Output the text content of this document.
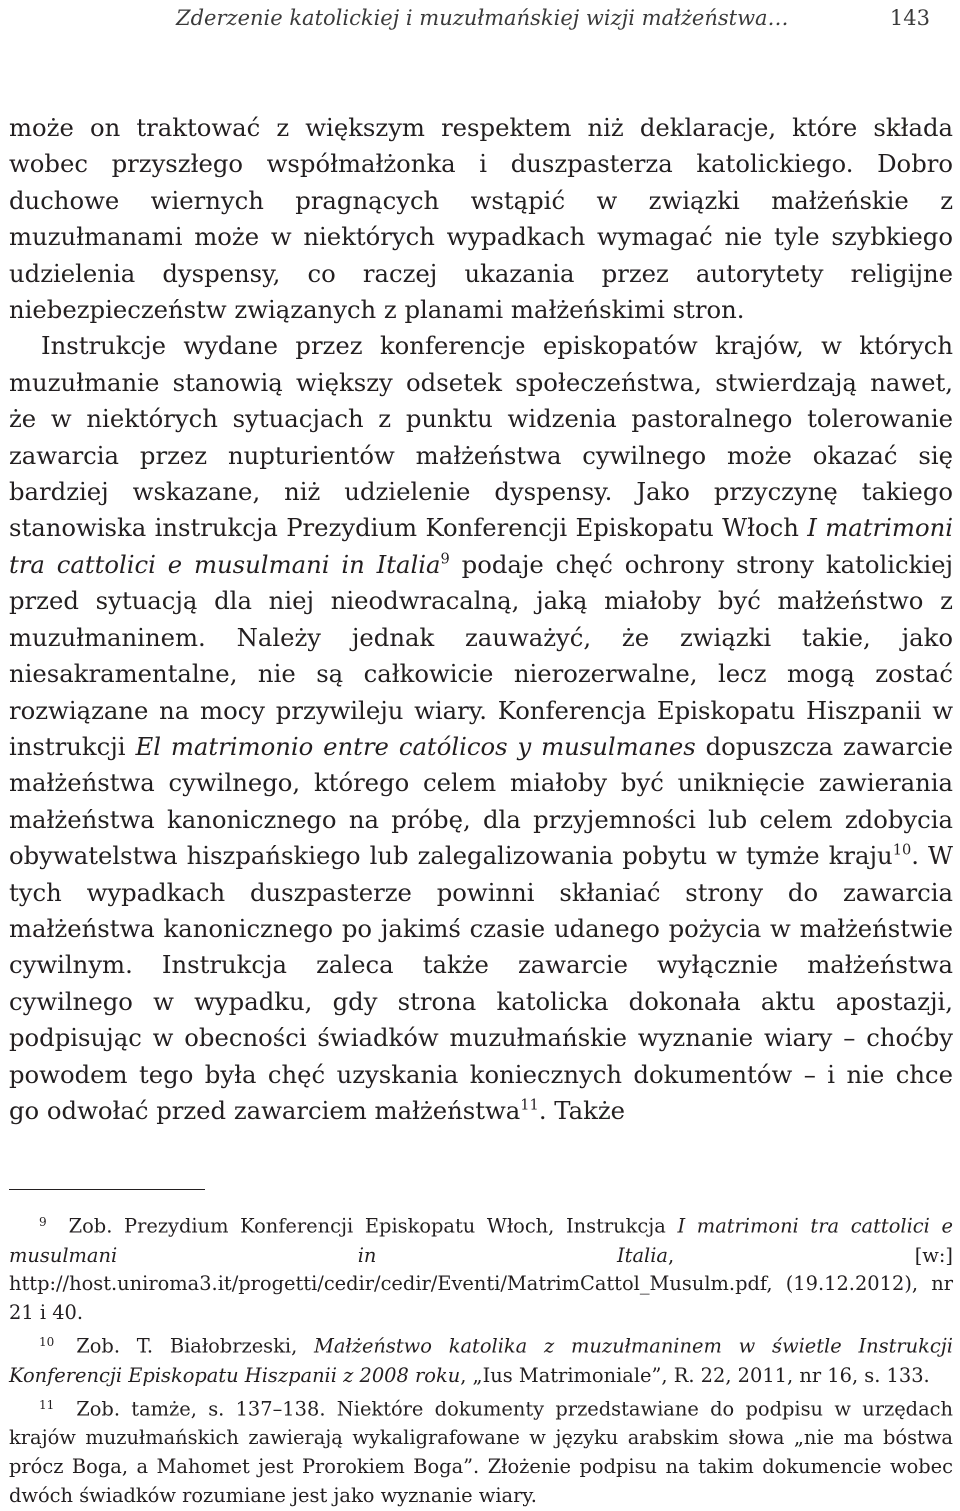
Zderzenie katolickiej i muzułmańskiej wizji małżeństwa…	143

może on traktować z większym respektem niż deklaracje, które składa wobec przyszłego współmałżonka i duszpasterza katolickiego. Dobro duchowe wiernych pragnących wstąpić w związki małżeńskie z muzułmanami może w niektórych wypadkach wymagać nie tyle szybkiego udzielenia dyspensy, co raczej ukazania przez autorytety religijne niebezpieczeństw związanych z planami małżeńskimi stron.

Instrukcje wydane przez konferencje episkopatów krajów, w których muzułmanie stanowią większy odsetek społeczeństwa, stwierdzają nawet, że w niektórych sytuacjach z punktu widzenia pastoralnego tolerowanie zawarcia przez nupturientów małżeństwa cywilnego może okazać się bardziej wskazane, niż udzielenie dyspensy. Jako przyczynę takiego stanowiska instrukcja Prezydium Konferencji Episkopatu Włoch I matrimoni tra cattolici e musulmani in Italia$^9$ podaje chęć ochrony strony katolickiej przed sytuacją dla niej nieodwracalną, jaką miałoby być małżeństwo z muzułmaninem. Należy jednak zauważyć, że związki takie, jako niesakramentalne, nie są całkowicie nierozerwalne, lecz mogą zostać rozwiązane na mocy przywileju wiary. Konferencja Episkopatu Hiszpanii w instrukcji El matrimonio entre católicos y musulmanes dopuszcza zawarcie małżeństwa cywilnego, którego celem miałoby być uniknięcie zawierania małżeństwa kanonicznego na próbę, dla przyjemności lub celem zdobycia obywatelstwa hiszpańskiego lub zalegalizowania pobytu w tymże kraju$^{10}$. W tych wypadkach duszpasterze powinni skłaniać strony do zawarcia małżeństwa kanonicznego po jakimś czasie udanego pożycia w małżeństwie cywilnym. Instrukcja zaleca także zawarcie wyłącznie małżeństwa cywilnego w wypadku, gdy strona katolicka dokonała aktu apostazji, podpisując w obecności świadków muzułmańskie wyznanie wiary – choćby powodem tego była chęć uzyskania koniecznych dokumentów – i nie chce go odwołać przed zawarciem małżeństwa$^{11}$. Także

9 Zob. Prezydium Konferencji Episkopatu Włoch, Instrukcja I matrimoni tra cattolici e musulmani in Italia, [w:] http://host.uniroma3.it/progetti/cedir/cedir/Eventi/MatrimCattol_Musulm.pdf, (19.12.2012), nr 21 i 40.

10 Zob. T. Białobrzeski, Małżeństwo katolika z muzułmaninem w świetle Instrukcji Konferencji Episkopatu Hiszpanii z 2008 roku, „Ius Matrimoniale”, R. 22, 2011, nr 16, s. 133.

11 Zob. tamże, s. 137–138. Niektóre dokumenty przedstawiane do podpisu w urzędach krajów muzułmańskich zawierają wykaligrafowane w języku arabskim słowa „nie ma bóstwa prócz Boga, a Mahomet jest Prorokiem Boga”. Złożenie podpisu na takim dokumencie wobec dwóch świadków rozumiane jest jako wyznanie wiary.
